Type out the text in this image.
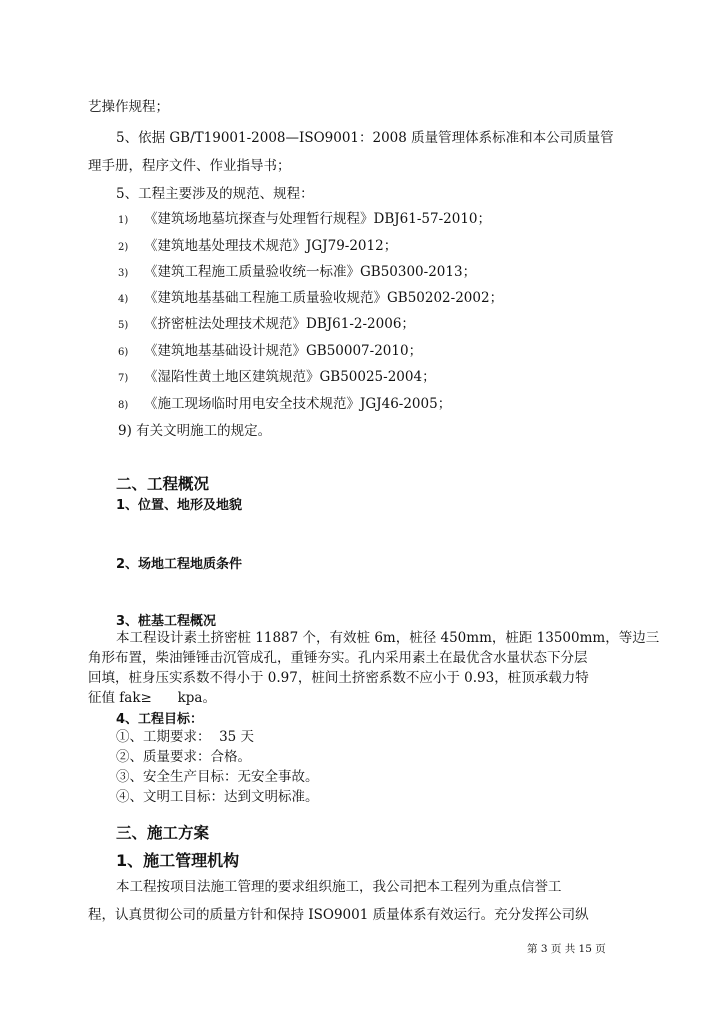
艺操作规程；
5、依据 GB/T19001-2008—ISO9001：2008 质量管理体系标准和本公司质量管
理手册，程序文件、作业指导书；
5、工程主要涉及的规范、规程：
1) 《建筑场地墓坑探查与处理暂行规程》DBJ61-57-2010；
2) 《建筑地基处理技术规范》JGJ79-2012；
3) 《建筑工程施工质量验收统一标准》GB50300-2013；
4) 《建筑地基基础工程施工质量验收规范》GB50202-2002；
5) 《挤密桩法处理技术规范》DBJ61-2-2006；
6) 《建筑地基基础设计规范》GB50007-2010；
7) 《湿陷性黄土地区建筑规范》GB50025-2004；
8) 《施工现场临时用电安全技术规范》JGJ46-2005；
9) 有关文明施工的规定。
二、工程概况
1、位置、地形及地貌
2、场地工程地质条件
3、桩基工程概况
本工程设计素土挤密桩 11887 个，有效桩 6m，桩径 450mm，桩距 13500mm，等边三
角形布置，柴油锤锤击沉管成孔，重锤夯实。孔内采用素土在最优含水量状态下分层
回填，桩身压实系数不得小于 0.97，桩间土挤密系数不应小于 0.93，桩顶承载力特
征值 fak≥      kpa。
4、工程目标：
①、工期要求：  35 天
②、质量要求：合格。
③、安全生产目标：无安全事故。
④、文明工目标：达到文明标准。
三、施工方案
1、施工管理机构
本工程按项目法施工管理的要求组织施工，我公司把本工程列为重点信誉工
程，认真贯彻公司的质量方针和保持 ISO9001 质量体系有效运行。充分发挥公司纵
第 3 页 共 15 页
